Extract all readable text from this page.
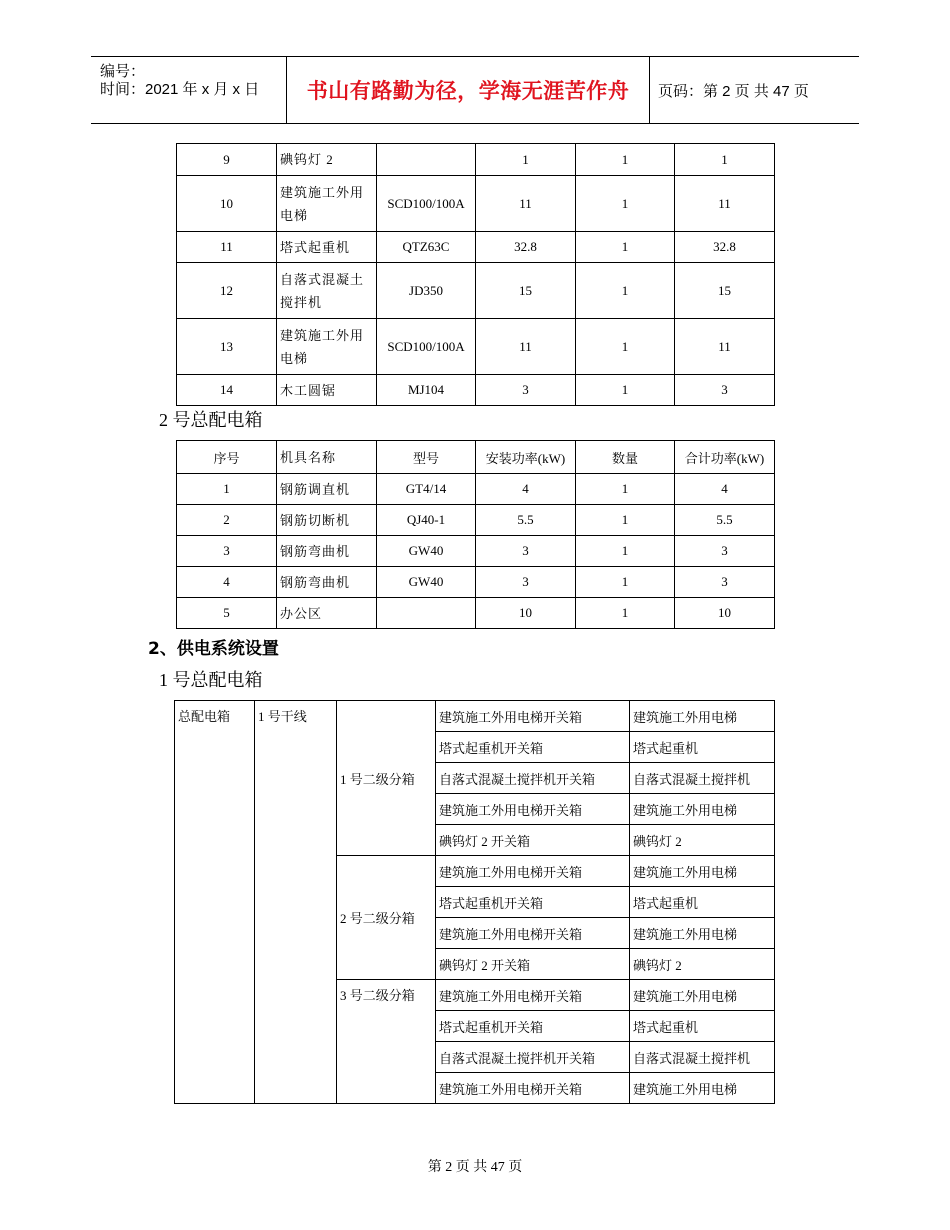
编号：
时间：2021 年 x 月 x 日	书山有路勤为径，学海无涯苦作舟	页码：第 2 页 共 47 页
9	碘钨灯 2		1	1	1
10	建筑施工外用电梯	SCD100/100A	11	1	11
11	塔式起重机	QTZ63C	32.8	1	32.8
12	自落式混凝土搅拌机	JD350	15	1	15
13	建筑施工外用电梯	SCD100/100A	11	1	11
14	木工圆锯	MJ104	3	1	3
2 号总配电箱
序号	机具名称	型号	安装功率(kW)	数量	合计功率(kW)
1	钢筋调直机	GT4/14	4	1	4
2	钢筋切断机	QJ40-1	5.5	1	5.5
3	钢筋弯曲机	GW40	3	1	3
4	钢筋弯曲机	GW40	3	1	3
5	办公区		10	1	10
2、供电系统设置
1 号总配电箱
总配电箱	1 号干线	1 号二级分箱	建筑施工外用电梯开关箱	建筑施工外用电梯
			塔式起重机开关箱	塔式起重机
			自落式混凝土搅拌机开关箱	自落式混凝土搅拌机
			建筑施工外用电梯开关箱	建筑施工外用电梯
			碘钨灯 2 开关箱	碘钨灯 2
		2 号二级分箱	建筑施工外用电梯开关箱	建筑施工外用电梯
			塔式起重机开关箱	塔式起重机
			建筑施工外用电梯开关箱	建筑施工外用电梯
			碘钨灯 2 开关箱	碘钨灯 2
		3 号二级分箱	建筑施工外用电梯开关箱	建筑施工外用电梯
			塔式起重机开关箱	塔式起重机
			自落式混凝土搅拌机开关箱	自落式混凝土搅拌机
			建筑施工外用电梯开关箱	建筑施工外用电梯
第 2 页 共 47 页
